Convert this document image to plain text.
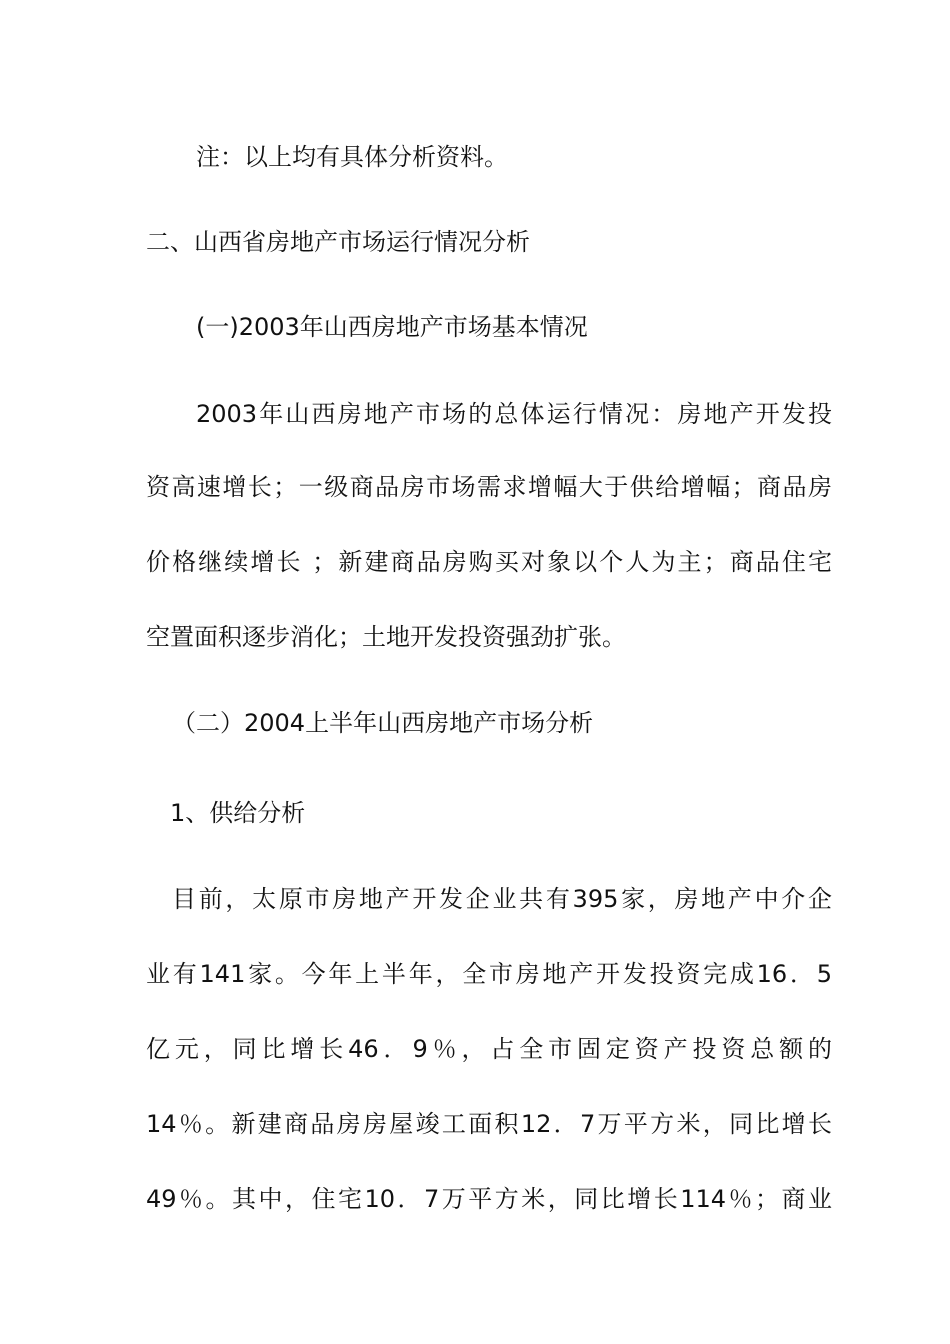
注：以上均有具体分析资料。
二、山西省房地产市场运行情况分析
(一)2003年山西房地产市场基本情况
2003年山西房地产市场的总体运行情况：房地产开发投
资高速增长；一级商品房市场需求增幅大于供给增幅；商品房
价格继续增长 ；新建商品房购买对象以个人为主；商品住宅
空置面积逐步消化；土地开发投资强劲扩张。
（二）2004上半年山西房地产市场分析
1、供给分析
目前，太原市房地产开发企业共有395家，房地产中介企
业有141家。今年上半年，全市房地产开发投资完成16．5
亿元，同比增长46．9％，占全市固定资产投资总额的
14％。新建商品房房屋竣工面积12．7万平方米，同比增长
49％。其中，住宅10．7万平方米，同比增长114％；商业
